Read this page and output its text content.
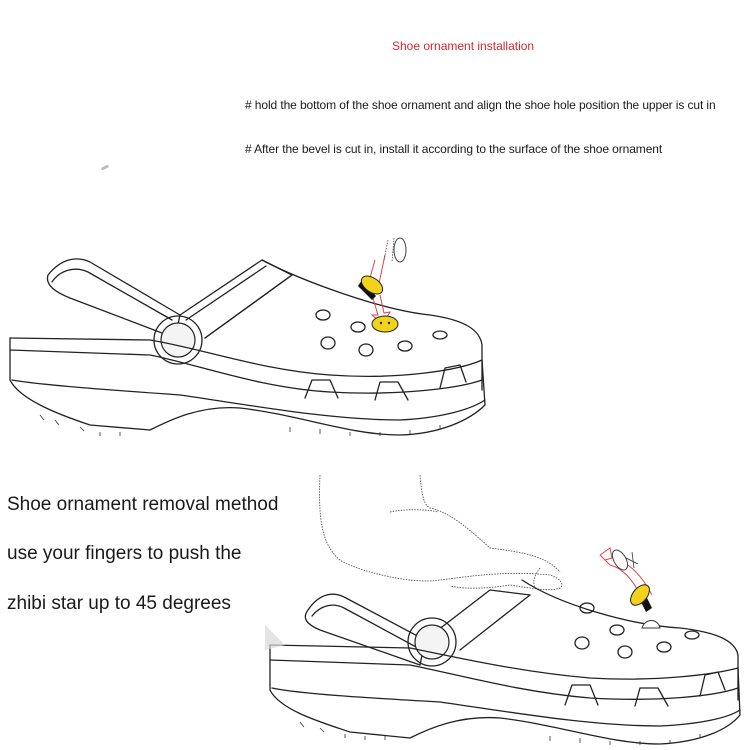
Shoe ornament installation
# hold the bottom of the shoe ornament and align the shoe hole position the upper is cut in
# After the bevel is cut in, install it according to the surface of the shoe ornament
Shoe ornament removal method
use your fingers to push the
zhibi star up to 45 degrees
